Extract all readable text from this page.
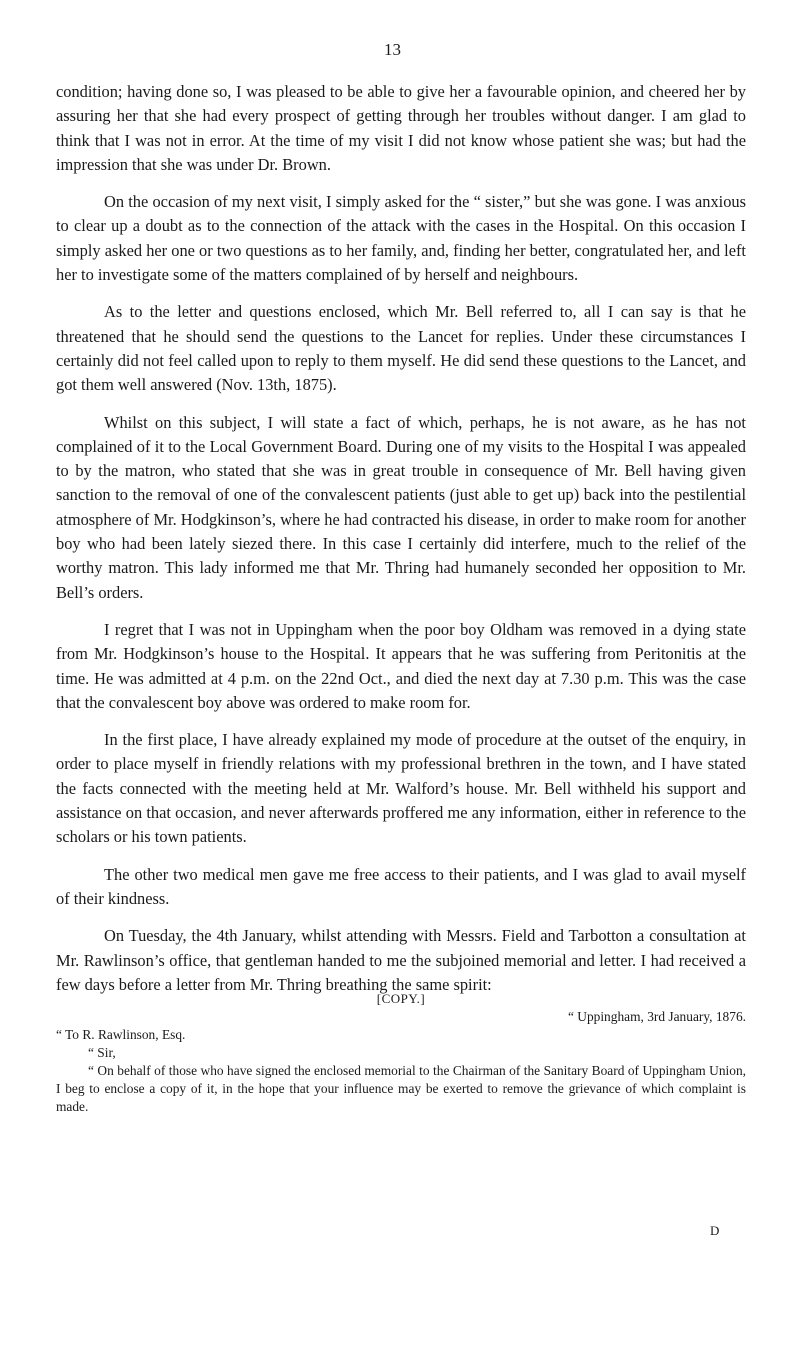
13

condition; having done so, I was pleased to be able to give her a favourable opinion, and cheered her by assuring her that she had every prospect of getting through her troubles without danger. I am glad to think that I was not in error. At the time of my visit I did not know whose patient she was; but had the impression that she was under Dr. Brown.

On the occasion of my next visit, I simply asked for the “ sister,” but she was gone. I was anxious to clear up a doubt as to the connection of the attack with the cases in the Hospital. On this occasion I simply asked her one or two questions as to her family, and, finding her better, congratulated her, and left her to investigate some of the matters complained of by herself and neighbours.

As to the letter and questions enclosed, which Mr. Bell referred to, all I can say is that he threatened that he should send the questions to the Lancet for replies. Under these circumstances I certainly did not feel called upon to reply to them myself. He did send these questions to the Lancet, and got them well answered (Nov. 13th, 1875).

Whilst on this subject, I will state a fact of which, perhaps, he is not aware, as he has not complained of it to the Local Government Board. During one of my visits to the Hospital I was appealed to by the matron, who stated that she was in great trouble in consequence of Mr. Bell having given sanction to the removal of one of the convalescent patients (just able to get up) back into the pestilential atmosphere of Mr. Hodgkinson’s, where he had contracted his disease, in order to make room for another boy who had been lately siezed there. In this case I certainly did interfere, much to the relief of the worthy matron. This lady informed me that Mr. Thring had humanely seconded her opposition to Mr. Bell’s orders.

I regret that I was not in Uppingham when the poor boy Oldham was removed in a dying state from Mr. Hodgkinson’s house to the Hospital. It appears that he was suffering from Peritonitis at the time. He was admitted at 4 p.m. on the 22nd Oct., and died the next day at 7.30 p.m. This was the case that the convalescent boy above was ordered to make room for.

In the first place, I have already explained my mode of procedure at the outset of the enquiry, in order to place myself in friendly relations with my professional brethren in the town, and I have stated the facts connected with the meeting held at Mr. Walford’s house. Mr. Bell withheld his support and assistance on that occasion, and never afterwards proffered me any information, either in reference to the scholars or his town patients.

The other two medical men gave me free access to their patients, and I was glad to avail myself of their kindness.

On Tuesday, the 4th January, whilst attending with Messrs. Field and Tarbotton a consultation at Mr. Rawlinson’s office, that gentleman handed to me the subjoined memorial and letter. I had received a few days before a letter from Mr. Thring breathing the same spirit:

[COPY.]
“ Uppingham, 3rd January, 1876.
“ To R. Rawlinson, Esq.
“ Sir,

“ On behalf of those who have signed the enclosed memorial to the Chairman of the Sanitary Board of Uppingham Union, I beg to enclose a copy of it, in the hope that your influence may be exerted to remove the grievance of which complaint is made.

D
